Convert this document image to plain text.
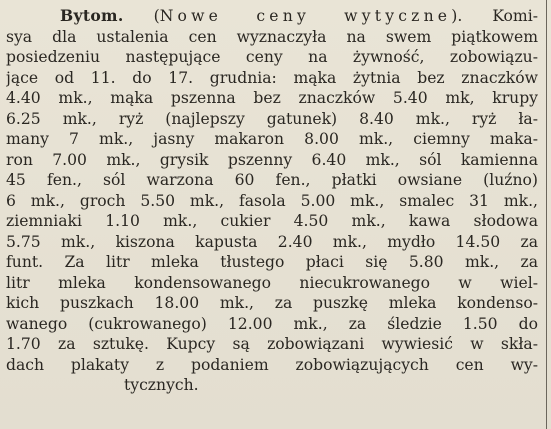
Bytom. (Nowe ceny wytyczne). Komi-
sya dla ustalenia cen wyznaczyła na swem piątkowem
posiedzeniu następujące ceny na żywność, zobowiązu-
jące od 11. do 17. grudnia: mąka żytnia bez znaczków
4.40 mk., mąka pszenna bez znaczków 5.40 mk, krupy
6.25 mk., ryż (najlepszy gatunek) 8.40 mk., ryż ła-
many 7 mk., jasny makaron 8.00 mk., ciemny maka-
ron 7.00 mk., grysik pszenny 6.40 mk., sól kamienna
45 fen., sól warzona 60 fen., płatki owsiane (luźno)
6 mk., groch 5.50 mk., fasola 5.00 mk., smalec 31 mk.,
ziemniaki 1.10 mk., cukier 4.50 mk., kawa słodowa
5.75 mk., kiszona kapusta 2.40 mk., mydło 14.50 za
funt. Za litr mleka tłustego płaci się 5.80 mk., za
litr mleka kondensowanego niecukrowanego w wiel-
kich puszkach 18.00 mk., za puszkę mleka kondenso-
wanego (cukrowanego) 12.00 mk., za śledzie 1.50 do
1.70 za sztukę. Kupcy są zobowiązani wywiesić w skła-
dach plakaty z podaniem zobowiązujących cen wy-
tycznych.
